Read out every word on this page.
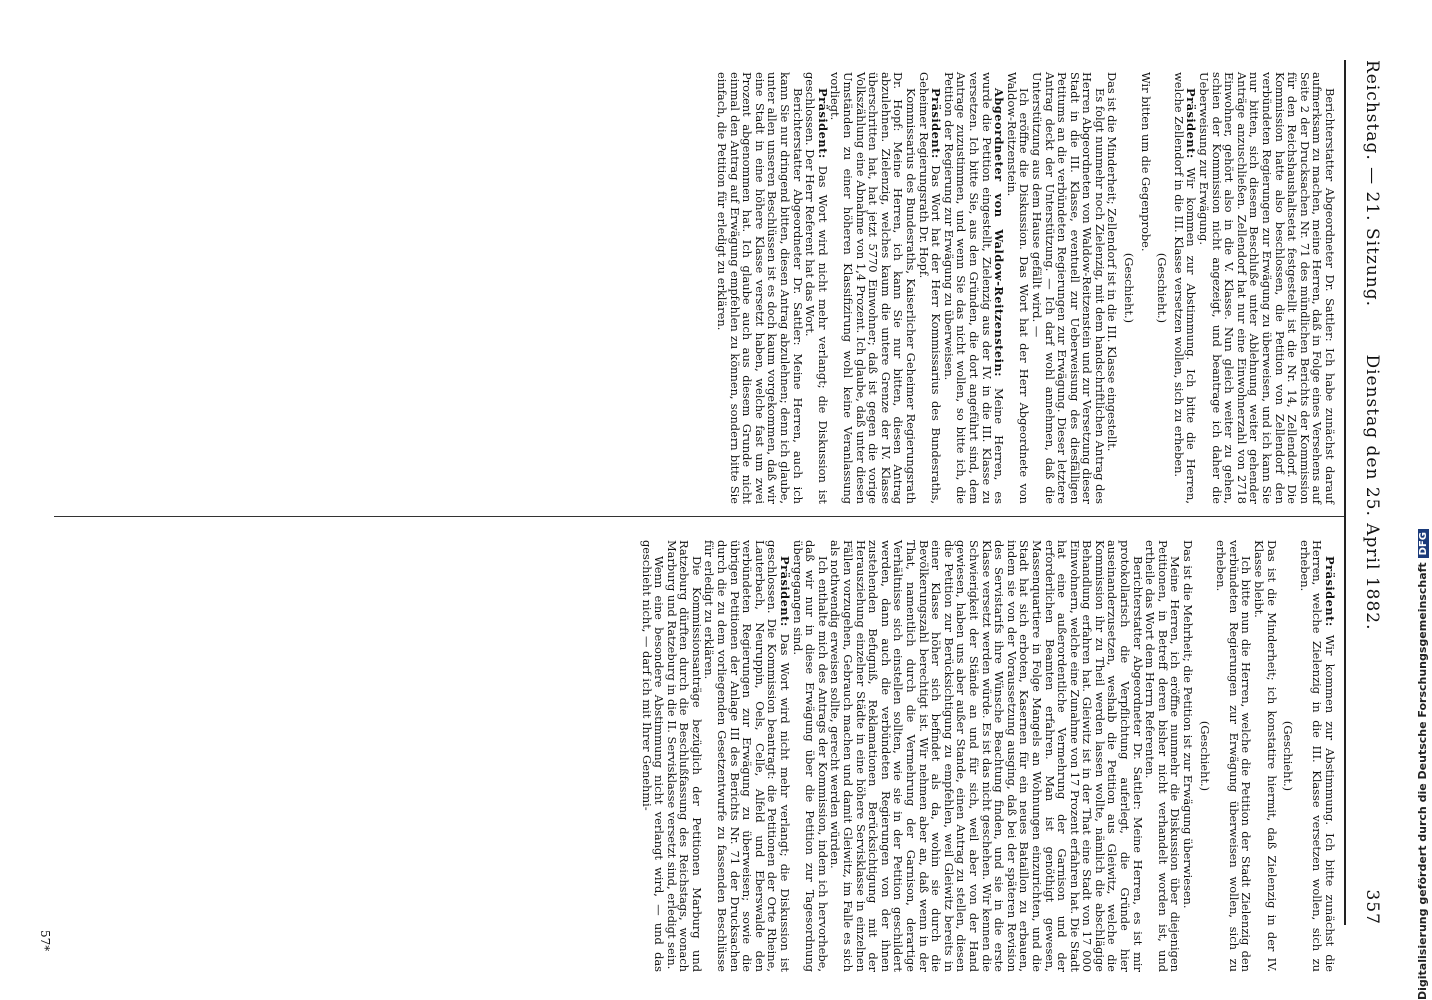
Reichstag. — 21. Sitzung.
Dienstag den 25. April 1882.
357

Berichterstatter Abgeordneter Dr. Sattler: Ich habe zunächst darauf aufmerksam zu machen, meine Herren, daß in Folge eines Versehens auf Seite 2 der Drucksachen Nr. 71 des mündlichen Berichts der Kommission für den Reichshaushaltsetat festgestellt ist die Nr. 14, Zellendorf. Die Kommission hatte also beschlossen, die Petition von Zellendorf den verbündeten Regierungen zur Erwägung zu überweisen, und ich kann Sie nur bitten, sich diesem Beschluße unter Ablehnung weiter gehender Anträge anzuschließen. Zellendorf hat nur eine Einwohnerzahl von 2718 Einwohner, gehört also in die V. Klasse. Nun gleich weiter zu gehen, schien der Kommission nicht angezeigt, und beantrage ich daher die Ueberweisung zur Erwägung.

Präsident: Wir kommen zur Abstimmung. Ich bitte die Herren, welche Zellendorf in die III. Klasse versetzen wollen, sich zu erheben.

(Geschieht.)

Wir bitten um die Gegenprobe.

(Geschieht.)

Das ist die Minderheit; Zellendorf ist in die III. Klasse eingestellt.

Es folgt nunmehr noch Zielenzig, mit dem handschriftlichen Antrag des Herren Abgeordneten von Waldow-Reitzenstein und zur Versetzung dieser Stadt in die III. Klasse, eventuell zur Ueberweisung des diesfälligen Petitums an die verbündeten Regierungen zur Erwägung. Dieser letztere Antrag deckt der Unterstützung. — Ich darf wohl annehmen, daß die Unterstützung aus dem Hause gefällt wird. —

Ich eröffne die Diskussion. Das Wort hat der Herr Abgeordnete von Waldow-Reitzenstein.

Abgeordneter von Waldow-Reitzenstein: Meine Herren, es wurde die Petition eingestellt, Zielenzig aus der IV. in die III. Klasse zu versetzen. Ich bitte Sie, aus den Gründen, die dort angeführt sind, dem Antrage zuzustimmen, und wenn Sie das nicht wollen, so bitte ich, die Petition der Regierung zur Erwägung zu überweisen.

Präsident: Das Wort hat der Herr Kommissarius des Bundesraths, Geheimer Regierungsrath Dr. Hopf.

Kommissarius des Bundesraths, Kaiserlicher Geheimer Regierungsrath Dr. Hopf: Meine Herren, ich kann Sie nur bitten, diesen Antrag abzulehnen. Zielenzig, welches kaum die untere Grenze der IV. Klasse überschritten hat, hat jetzt 5770 Einwohner; daß ist gegen die vorige Volkszählung eine Abnahme von 1,4 Prozent. Ich glaube, daß unter diesen Umständen zu einer höheren Klassifizirung wohl keine Veranlassung vorliegt.

Präsident: Das Wort wird nicht mehr verlangt; die Diskussion ist geschlossen. Der Herr Referent hat das Wort.

Berichterstatter Abgeordneter Dr. Sattler: Meine Herren, auch ich kann Sie nur dringend bitten, diesen Antrag abzulehnen; denn ich glaube, unter allen unseren Beschlüssen ist es doch kaum vorgekommen, daß wir eine Stadt in eine höhere Klasse versetzt haben, welche fast um zwei Prozent abgenommen hat. Ich glaube auch aus diesem Grunde nicht einmal den Antrag auf Erwägung empfehlen zu können, sondern bitte Sie einfach, die Petition für erledigt zu erklären.

Präsident: Wir kommen zur Abstimmung. Ich bitte zunächst die Herren, welche Zielenzig in die III. Klasse versetzen wollen, sich zu erheben.

(Geschieht.)

Das ist die Minderheit; ich konstatire hiermit, daß Zielenzig in der IV. Klasse bleibt.

Ich bitte nun die Herren, welche die Petition der Stadt Zielenzig den verbündeten Regierungen zur Erwägung überweisen wollen, sich zu erheben.

(Geschieht.)

Das ist die Mehrheit; die Petition ist zur Erwägung überwiesen.

Meine Herren, ich eröffne nunmehr die Diskussion über diejenigen Petitionen, in Betreff deren bisher nicht verhandelt worden ist, und ertheile das Wort dem Herrn Referenten.

Berichterstatter Abgeordneter Dr. Sattler: Meine Herren, es ist mir protokollarisch die Verpflichtung auferlegt, die Gründe hier auseinanderzusetzen, weshalb die Petition aus Gleiwitz, welche die Kommission ihr zu Theil werden lassen wollte, nämlich die abschlägige Behandlung erfahren hat. Gleiwitz ist in der That eine Stadt von 17 000 Einwohnern, welche eine Zunahme von 17 Prozent erfahren hat. Die Stadt hat eine außerordentliche Vermehrung der Garnison und der erforderlichen Beamten erfahren. Man ist genöthigt gewesen, Massenquartiere in Folge Mangels an Wohnungen einzurichten, und die Stadt hat sich erboten, Kasernen für ein neues Bataillon zu erbauen, indem sie von der Voraussetzung ausging, daß bei der späteren Revision des Servistarifs ihre Wünsche Beachtung finden, und sie in die erste Klasse versetzt werden würde. Es ist das nicht geschehen. Wir kennen die Schwierigkeit der Stände an und für sich, weil aber von der Hand gewiesen, haben uns aber außer Stande, einen Antrag zu stellen, diesen die Petition zur Berücksichtigung zu empfehlen, weil Gleiwitz bereits in einer Klasse höher sich befindet als da, wohin sie durch die Bevölkerungszahl berechtigt ist. Wir nehmen aber an, daß wenn in der That, namentlich durch die Vermehrung der Garnison, derartige Verhältnisse sich einstellen sollten, wie sie in der Petition geschildert werden, dann auch die verbündeten Regierungen von der ihnen zustehenden Befugniß, Reklamationen Berücksichtigung mit der Herausziehung einzelner Städte in eine höhere Servisklasse in einzelnen Fällen vorzugehen, Gebrauch machen und damit Gleiwitz, im Falle es sich als nothwendig erweisen sollte, gerecht werden würden.

Ich enthalte mich des Antrags der Kommission, indem ich hervorhebe, daß wir nur in diese Erwägung über die Petition zur Tagesordnung übergegangen sind.

Präsident: Das Wort wird nicht mehr verlangt; die Diskussion ist geschlossen. Die Kommission beantragt: die Petitionen der Orte Rheine, Lauterbach, Neuruppin, Oels, Celle, Alfeld und Eberswalde den verbündeten Regierungen zur Erwägung zu überweisen; sowie die übrigen Petitionen der Anlage III des Berichts Nr. 71 der Drucksachen durch die zu dem vorliegenden Gesetzentwurfe zu fassenden Beschlüsse für erledigt zu erklären.

Die Kommissionsanträge bezüglich der Petitionen Marburg und Ratzeburg dürften durch die Beschlußfassung des Reichstags, wonach Marburg und Ratzeburg in die II. Servisklasse versetzt sind, erledigt sein.

Wenn eine besondere Abstimmung nicht verlangt wird, — und das geschieht nicht, — darf ich mit Ihrer Genehmi-

57*	Digitalisierung gefördert durch die Deutsche ForschungsgemeinschaftDFG
